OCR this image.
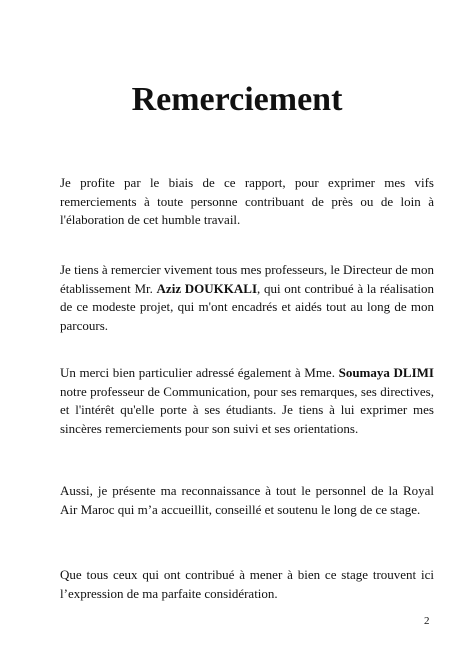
Remerciement

Je profite par le biais de ce rapport, pour exprimer mes vifs remerciements à toute personne contribuant de près ou de loin à l'élaboration de cet humble travail.

Je tiens à remercier vivement tous mes professeurs, le Directeur de mon établissement Mr. Aziz DOUKKALI, qui ont contribué à la réalisation de ce modeste projet, qui m'ont encadrés et aidés tout au long de mon parcours.

Un merci bien particulier adressé également à Mme. Soumaya DLIMI notre professeur de Communication, pour ses remarques, ses directives, et l'intérêt qu'elle porte à ses étudiants. Je tiens à lui exprimer mes sincères remerciements pour son suivi et ses orientations.

Aussi, je présente ma reconnaissance à tout le personnel de la Royal Air Maroc qui m’a accueillit, conseillé et soutenu le long de ce stage.

Que tous ceux qui ont contribué à mener à bien ce stage trouvent ici l’expression de ma parfaite considération.

2
